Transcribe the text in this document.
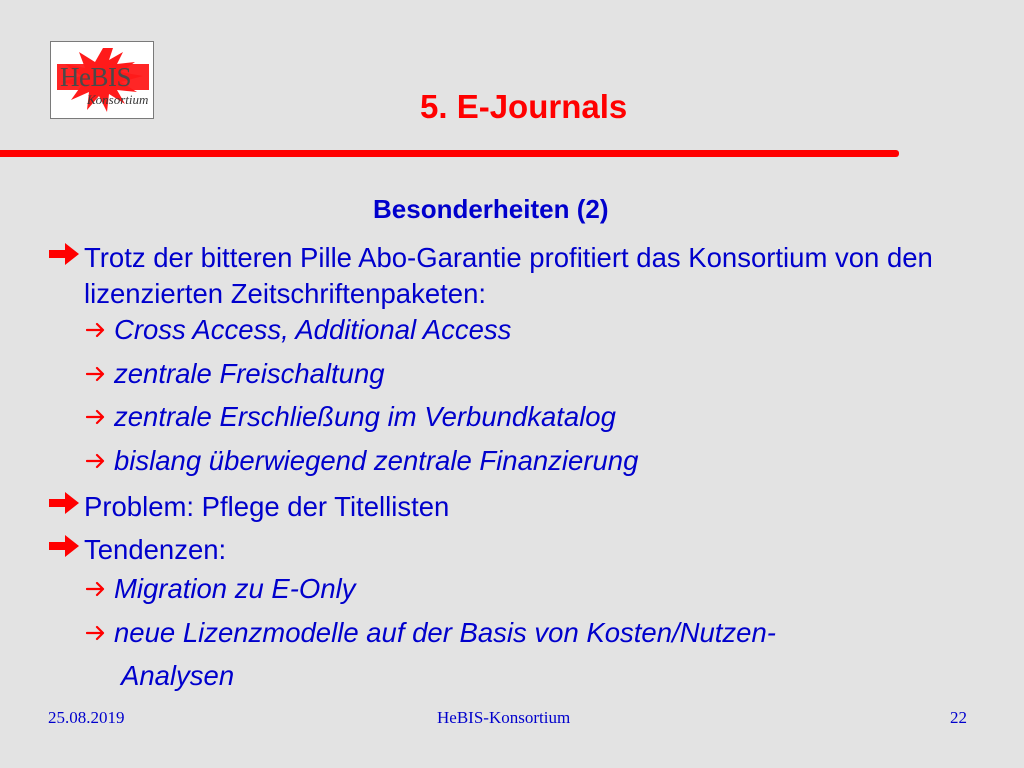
HeBIS
Konsortium	5. E-Journals
Besonderheiten (2)
Trotz der bitteren Pille Abo-Garantie profitiert das Konsortium von den lizenzierten Zeitschriftenpaketen:
Cross Access, Additional Access
zentrale Freischaltung
zentrale Erschließung im Verbundkatalog
bislang überwiegend zentrale Finanzierung
Problem: Pflege der Titellisten
Tendenzen:
Migration zu E-Only
neue Lizenzmodelle auf der Basis von Kosten/Nutzen-
Analysen
25.08.2019	HeBIS-Konsortium	22
